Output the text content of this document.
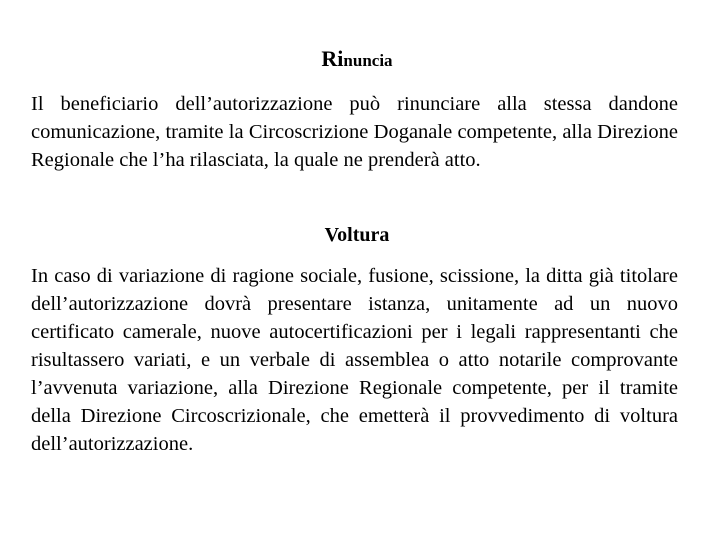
Rinuncia
Il beneficiario dell’autorizzazione può rinunciare alla stessa dandone comunicazione, tramite la Circoscrizione Doganale competente, alla Direzione Regionale che l’ha rilasciata, la quale ne prenderà atto.
Voltura
In caso di variazione di ragione sociale, fusione, scissione, la ditta già titolare dell’autorizzazione dovrà presentare istanza, unitamente ad un nuovo certificato camerale, nuove autocertificazioni per i legali rappresentanti che risultassero variati, e un verbale di assemblea o atto notarile comprovante l’avvenuta variazione, alla Direzione Regionale competente, per il tramite della Direzione Circoscrizionale, che emetterà il provvedimento di voltura dell’autorizzazione.
